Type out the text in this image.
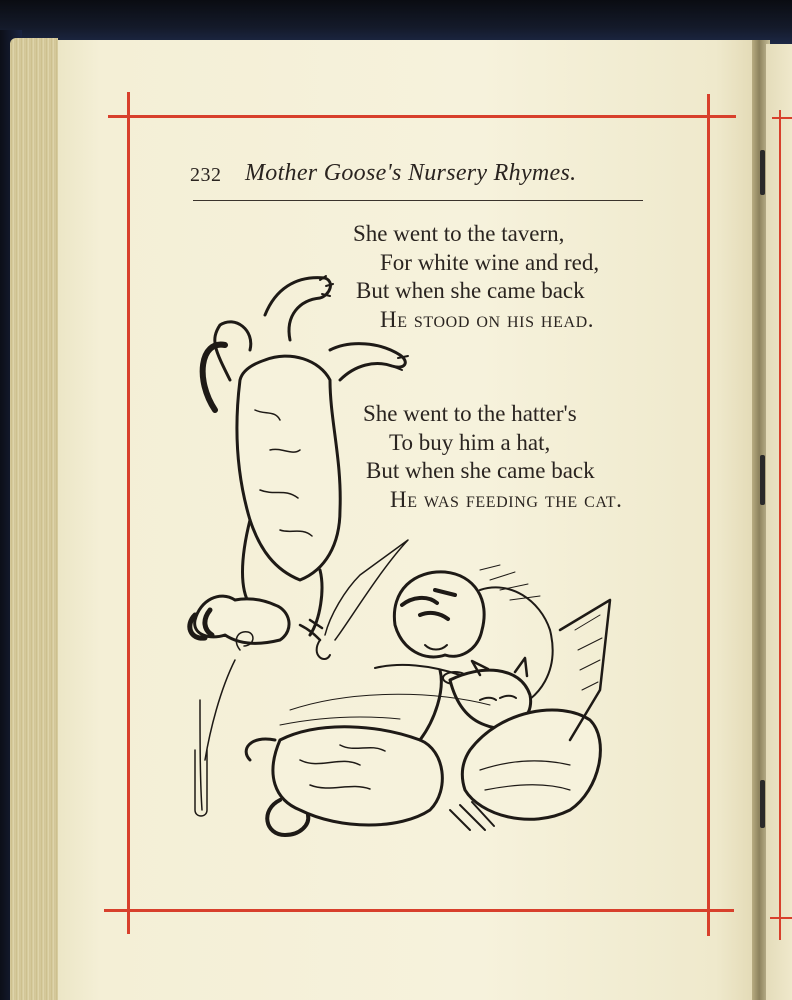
232 Mother Goose's Nursery Rhymes.
She went to the tavern,
For white wine and red,
But when she came back
He stood on his head.
She went to the hatter's
To buy him a hat,
But when she came back
He was feeding the cat.
